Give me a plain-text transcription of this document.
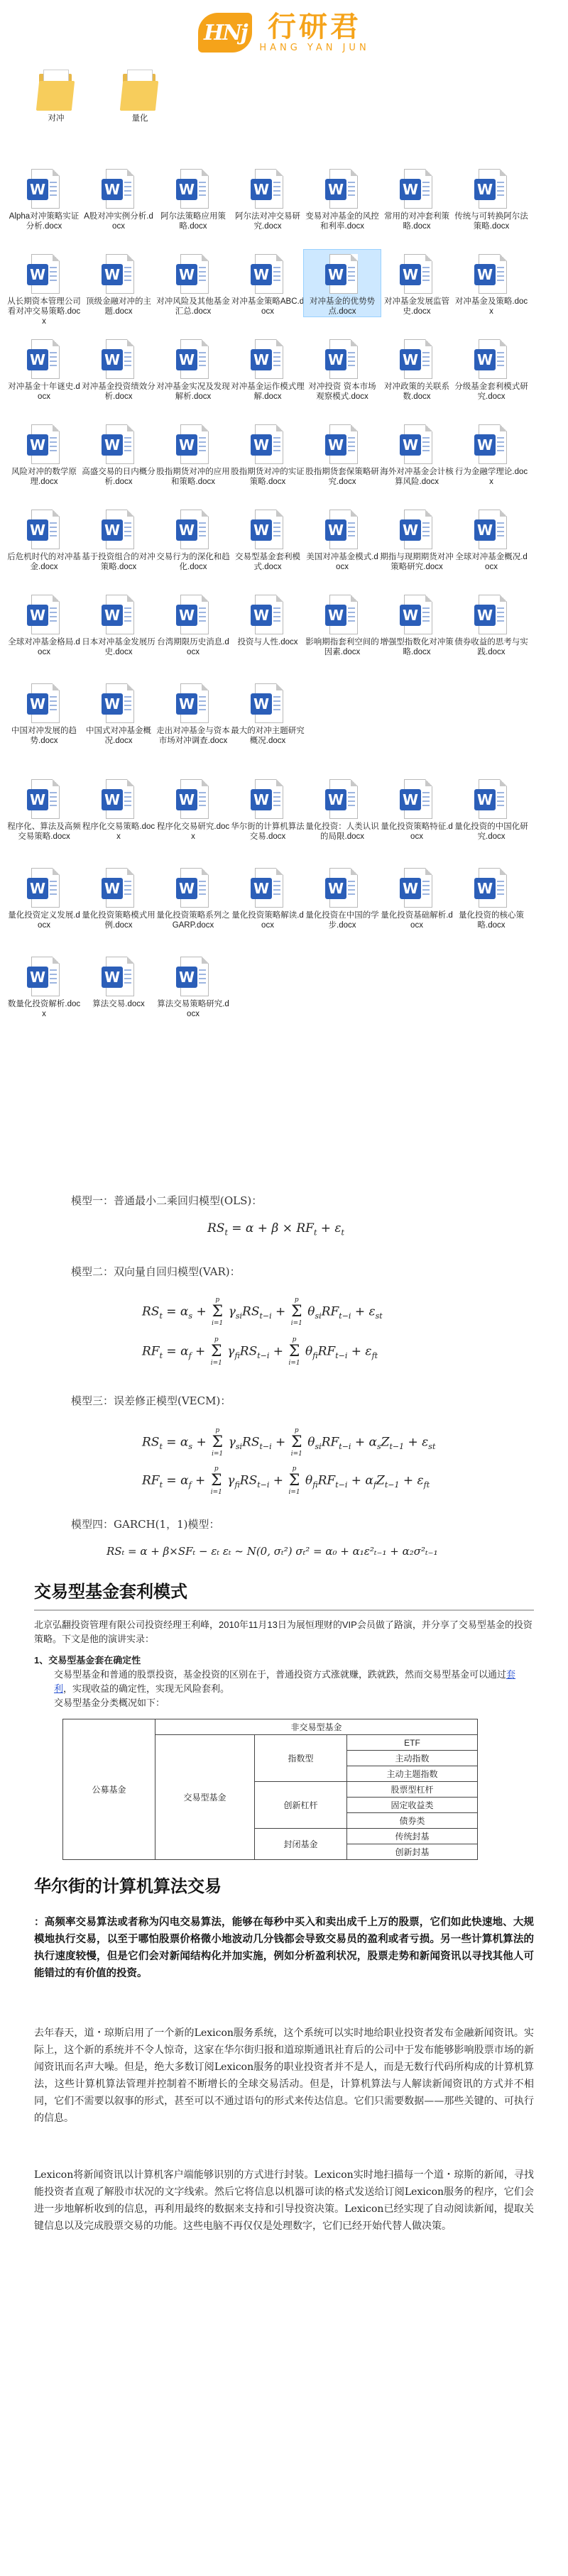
HNj 行研君
HANG YAN JUN
对冲	量化
W
Alpha对冲策略实证分析.docx
W
A股对冲实例分析.docx
W
阿尔法策略应用策略.docx
W
阿尔法对冲交易研究.docx
W
变易对冲基金的风控和利率.docx
W
常用的对冲套利策略.docx
W
传统与可转换阿尔法策略.docx
W
从长期资本管理公司看对冲交易策略.docx
W
顶级金融对冲的主题.docx
W
对冲风险及其他基金汇总.docx
W
对冲基金策略ABC.docx
W
对冲基金的优势势点.docx
W
对冲基金发展监管史.docx
W
对冲基金及策略.docx
W
对冲基金十年谜史.docx
W
对冲基金投资绩效分析.docx
W
对冲基金实况及发现解析.docx
W
对冲基金运作模式理解.docx
W
对冲投资 资本市场观察模式.docx
W
对冲政策的关联系数.docx
W
分级基金套利模式研究.docx
W
风险对冲的数学原理.docx
W
高盛交易的日内概分析.docx
W
股指期货对冲的应用和策略.docx
W
股指期货对冲的实证策略.docx
W
股指期货套保策略研究.docx
W
海外对冲基金会计核算风险.docx
W
行为金融学理论.docx
W
后危机时代的对冲基金.docx
W
基于投资组合的对冲策略.docx
W
交易行为的深化和趋化.docx
W
交易型基金套利模式.docx
W
美国对冲基金模式.docx
W
期指与现期期货对冲策略研究.docx
W
全球对冲基金概况.docx
W
全球对冲基金格局.docx
W
日本对冲基金发展历史.docx
W
台湾期限历史消息.docx
W
投资与人性.docx
W
影响期指套利空间的因素.docx
W
增强型指数化对冲策略.docx
W
债券收益的思考与实践.docx
W
中国对冲发展的趋势.docx
W
中国式对冲基金概况.docx
W
走出对冲基金与资本市场对冲调查.docx
W
最大的对冲主题研究概况.docx
W
程序化、算法及高频交易策略.docx
W
程序化交易策略.docx
W
程序化交易研究.docx
W
华尔街的计算机算法交易.docx
W
量化投资：人类认识的局限.docx
W
量化投资策略特征.docx
W
量化投资的中国化研究.docx
W
量化投资定义发展.docx
W
量化投资策略模式用例.docx
W
量化投资策略系列之GARP.docx
W
量化投资策略解读.docx
W
量化投资在中国的学步.docx
W
量化投资基础解析.docx
W
量化投资的核心策略.docx
W
数量化投资解析.docx
W
算法交易.docx
W
算法交易策略研究.docx
模型一：普通最小二乘回归模型(OLS)：
$RS_t = \alpha + \beta \times RF_t + \varepsilon_t$
模型二：双向量自回归模型(VAR)：
$RS_t = \alpha_s$ +
p
Σ
i=1
$\gamma_{si}RS_{t-i}$ +
p
Σ
i=1
$\theta_{si}RF_{t-i} + \varepsilon_{st}$
$RF_t = \alpha_f$ +
p
Σ
i=1
$\gamma_{fi}RS_{t-i}$ +
p
Σ
i=1
$\theta_{fi}RF_{t-i} + \varepsilon_{ft}$
模型三：误差修正模型(VECM)：
$RS_t = \alpha_s$ +
p
Σ
i=1
$\gamma_{si}RS_{t-i}$ +
p
Σ
i=1
$\theta_{si}RF_{t-i} + \alpha_sZ_{t-1} + \varepsilon_{st}$
$RF_t = \alpha_f$ +
p
Σ
i=1
$\gamma_{fi}RS_{t-i}$ +
p
Σ
i=1
$\theta_{fi}RF_{t-i} + \alpha_fZ_{t-1} + \varepsilon_{ft}$
模型四：GARCH(1，1)模型：
RSₜ = α + β×SFₜ − εₜ εₜ ~ N(0, σₜ²) σₜ² = α₀ + α₁ε²ₜ₋₁ + α₂σ²ₜ₋₁
交易型基金套利模式

北京弘翻投资管理有限公司投资经理王利峰，2010年11月13日为展恒理财的VIP会员做了路演，并分享了交易型基金的投资策略。下文是他的演讲实录：

1、交易型基金套在确定性

交易型基金和普通的股票投资，基金投资的区别在于，普通投资方式涨就赚，跌就跌，然而交易型基金可以通过套利，实现收益的确定性，实现无风险套利。

交易型基金分类概况如下：

公募基金	非交易型基金		
	交易型基金	指数型	ETF
			主动指数
			主动主题指数
		创新杠杆	股票型杠杆
			固定收益类
			债券类
		封闭基金	传统封基
			创新封基
华尔街的计算机算法交易

：高频率交易算法或者称为闪电交易算法，能够在每秒中买入和卖出成千上万的股票，它们如此快速地、大规模地执行交易，以至于哪怕股票价格微小地波动几分钱都会导致交易员的盈利或者亏损。另一些计算机算法的执行速度较慢，但是它们会对新闻结构化并加实施，例如分析盈利状况，股票走势和新闻资讯以寻找其他人可能错过的有价值的投资。

去年春天，道・琼斯启用了一个新的Lexicon服务系统，这个系统可以实时地给职业投资者发布金融新闻资讯。实际上，这个新的系统并不令人惊奇，这家在华尔街归报和道琼斯通讯社育后的公司中于发布能够影响股票市场的新闻资讯而名声大噪。但是，绝大多数订阅Lexicon服务的职业投资者并不是人，而是无数行代码所构成的计算机算法，这些计算机算法管理并控制着不断增长的全球交易活动。但是，计算机算法与人解读新闻资讯的方式并不相同，它们不需要以叙事的形式，甚至可以不通过语句的形式来传达信息。它们只需要数据——那些关键的、可执行的信息。

Lexicon将新闻资讯以计算机客户端能够识别的方式进行封装。Lexicon实时地扫描每一个道・琼斯的新闻，寻找能投资者直观了解股市状况的文字线索。然后它将信息以机器可读的格式发送给订阅Lexicon服务的程序，它们会进一步地解析收到的信息，再利用最终的数据来支持和引导投资决策。Lexicon已经实现了自动阅读新闻，提取关键信息以及完成股票交易的功能。这些电脑不再仅仅是处理数字，它们已经开始代替人做决策。
